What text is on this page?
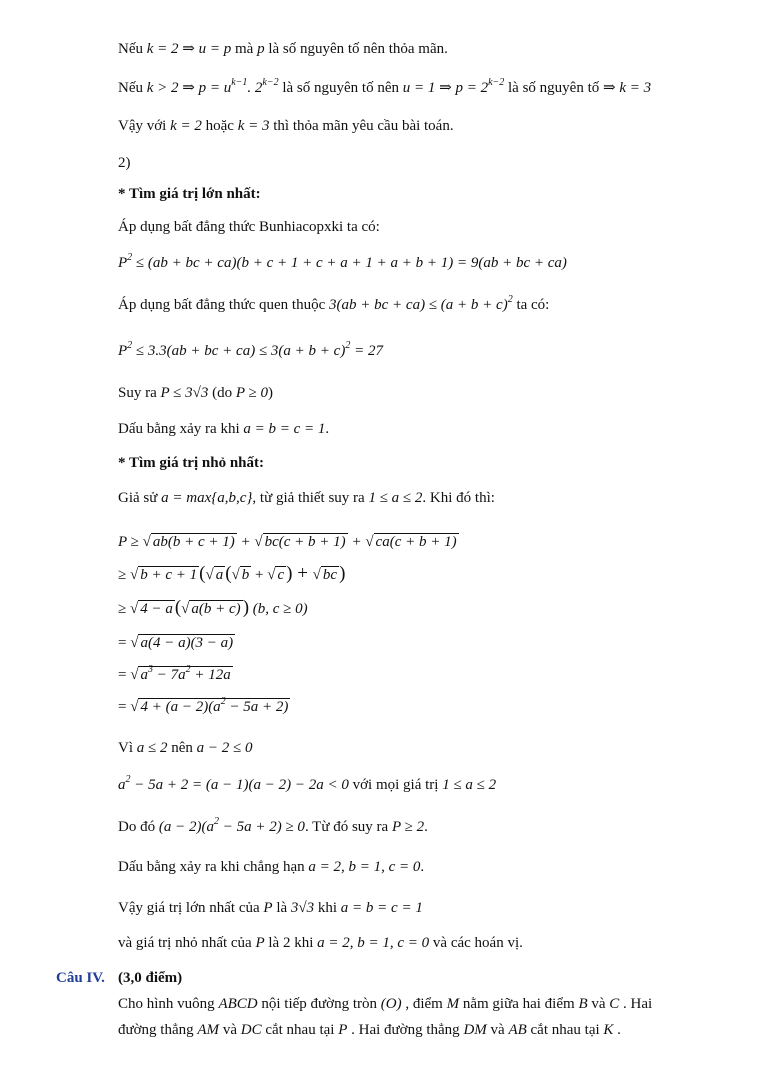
Nếu k = 2 ⇒ u = p mà p là số nguyên tố nên thỏa mãn.
Nếu k > 2 ⇒ $p = u^{k-1}$. $2^{k-2}$ là số nguyên tố nên u = 1 ⇒ $p = 2^{k-2}$ là số nguyên tố ⇒ k = 3
Vậy với k = 2 hoặc k = 3 thì thỏa mãn yêu cầu bài toán.
2)
* Tìm giá trị lớn nhất:
Áp dụng bất đẳng thức Bunhiacopxki ta có:
$P^2 \le (ab$ + bc + ca)(b + c + 1 + c + a + 1 + a + b + 1) = 9(ab + bc + ca)
Áp dụng bất đẳng thức quen thuộc 3(ab + bc + $ca) \le (a + b + c)^2$ ta có:
$P^2 \le 3.3(ab$ + bc + $ca) \le 3(a + b + c)^2 = 27$
Suy ra P ≤ 3√3 (do P ≥ 0)
Dấu bằng xảy ra khi a = b = c = 1.
* Tìm giá trị nhỏ nhất:
Giả sử a = max{a,b,c}, từ giả thiết suy ra 1 ≤ a ≤ 2. Khi đó thì:
P ≥ √ ab(b + c + 1) + √ bc(c + b + 1) + √ ca(c + b + 1)
≥ √ b + c + 1 (√ a (√ b + √ c ) + √ bc )
≥ √ 4 − a (√ a(b + c) ) (b, c ≥ 0)
= √ a(4 − a)(3 − a)
= √ $a^3 - 7a^2 + 12a$
= √ $4 + (a - 2)(a^2 - 5a + 2)$
Vì a ≤ 2 nên a − 2 ≤ 0
$a^2 - 5a + 2 = (a - 1)(a - 2) - 2a < 0$ với mọi giá trị 1 ≤ a ≤ 2
Do đó $(a - 2)(a^2 - 5a + 2) \ge 0$. Từ đó suy ra P ≥ 2.
Dấu bằng xảy ra khi chẳng hạn a = 2, b = 1, c = 0.
Vậy giá trị lớn nhất của P là 3√3 khi a = b = c = 1
và giá trị nhỏ nhất của P là 2 khi a = 2, b = 1, c = 0 và các hoán vị.
Câu IV. (3,0 điểm)
Cho hình vuông ABCD nội tiếp đường tròn (O) , điểm M nằm giữa hai điểm B và C . Hai
đường thẳng AM và DC cắt nhau tại P . Hai đường thẳng DM và AB cắt nhau tại K .
